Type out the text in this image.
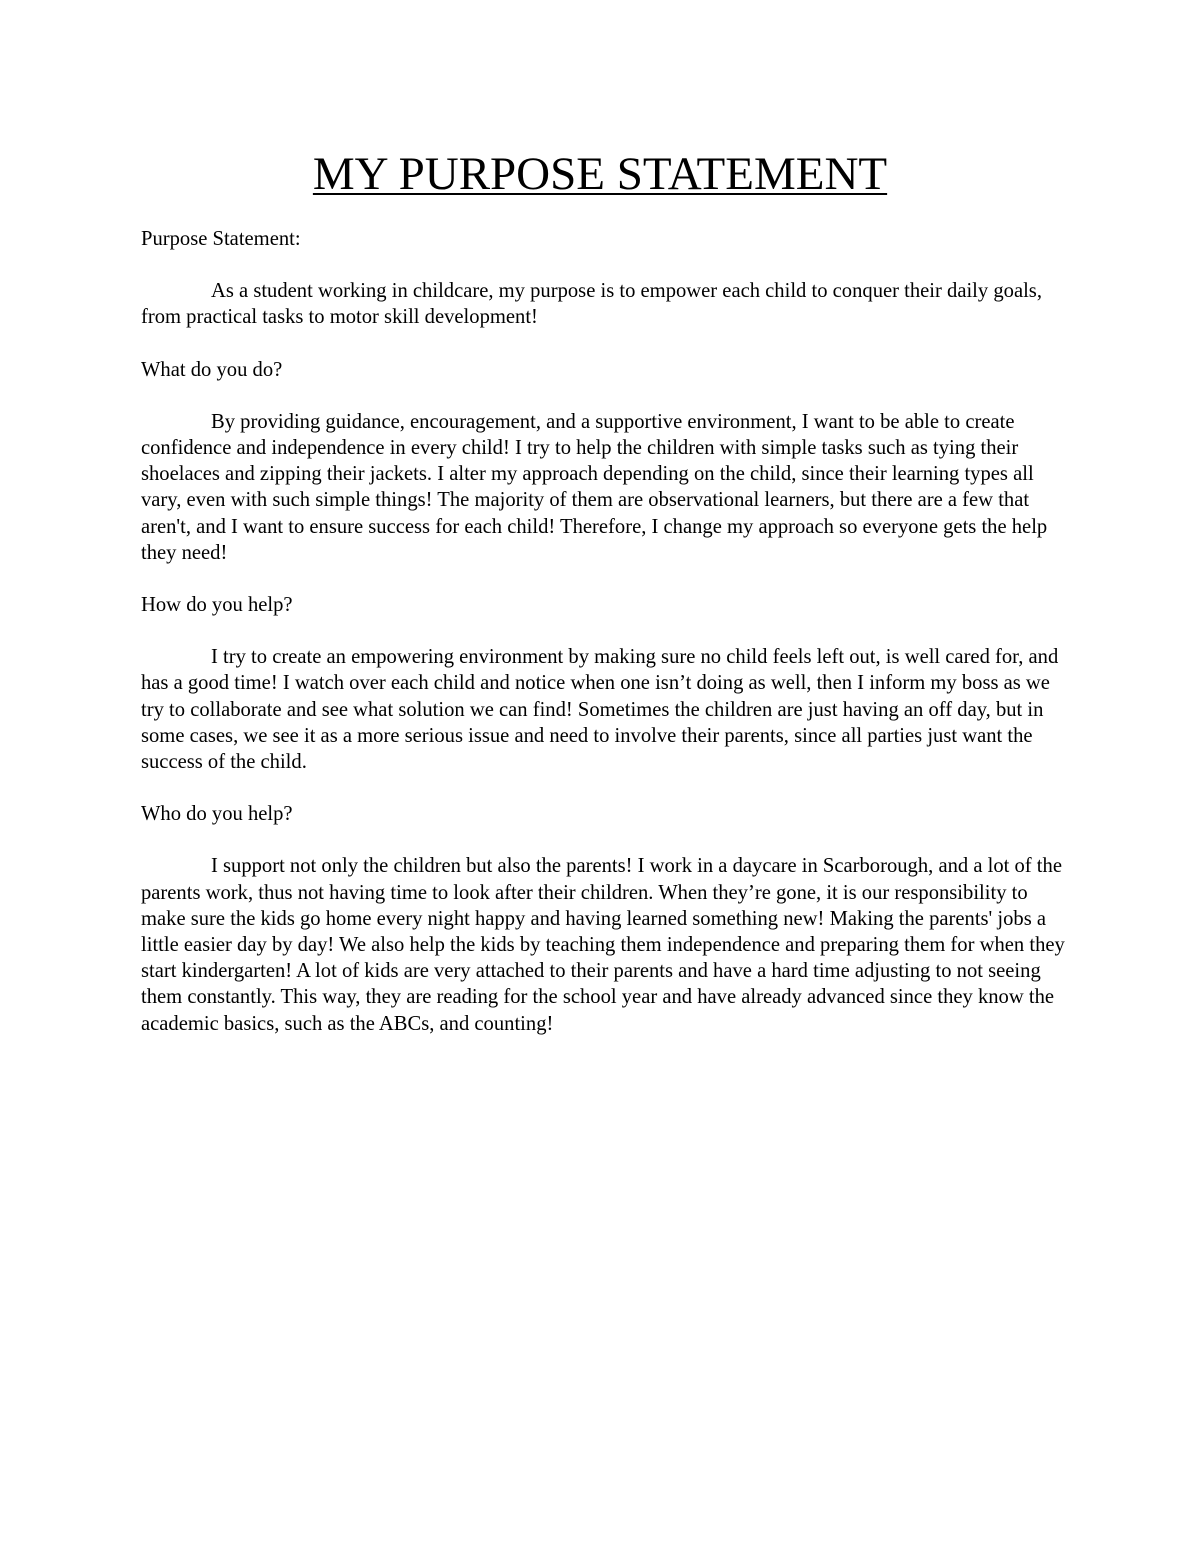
MY PURPOSE STATEMENT

Purpose Statement:

As a student working in childcare, my purpose is to empower each child to conquer their daily goals, from practical tasks to motor skill development!

What do you do?

By providing guidance, encouragement, and a supportive environment, I want to be able to create confidence and independence in every child! I try to help the children with simple tasks such as tying their shoelaces and zipping their jackets. I alter my approach depending on the child, since their learning types all vary, even with such simple things! The majority of them are observational learners, but there are a few that aren't, and I want to ensure success for each child! Therefore, I change my approach so everyone gets the help they need!

How do you help?

I try to create an empowering environment by making sure no child feels left out, is well cared for, and has a good time! I watch over each child and notice when one isn’t doing as well, then I inform my boss as we try to collaborate and see what solution we can find! Sometimes the children are just having an off day, but in some cases, we see it as a more serious issue and need to involve their parents, since all parties just want the success of the child.

Who do you help?

I support not only the children but also the parents! I work in a daycare in Scarborough, and a lot of the parents work, thus not having time to look after their children. When they’re gone, it is our responsibility to make sure the kids go home every night happy and having learned something new! Making the parents' jobs a little easier day by day! We also help the kids by teaching them independence and preparing them for when they start kindergarten! A lot of kids are very attached to their parents and have a hard time adjusting to not seeing them constantly. This way, they are reading for the school year and have already advanced since they know the academic basics, such as the ABCs, and counting!
